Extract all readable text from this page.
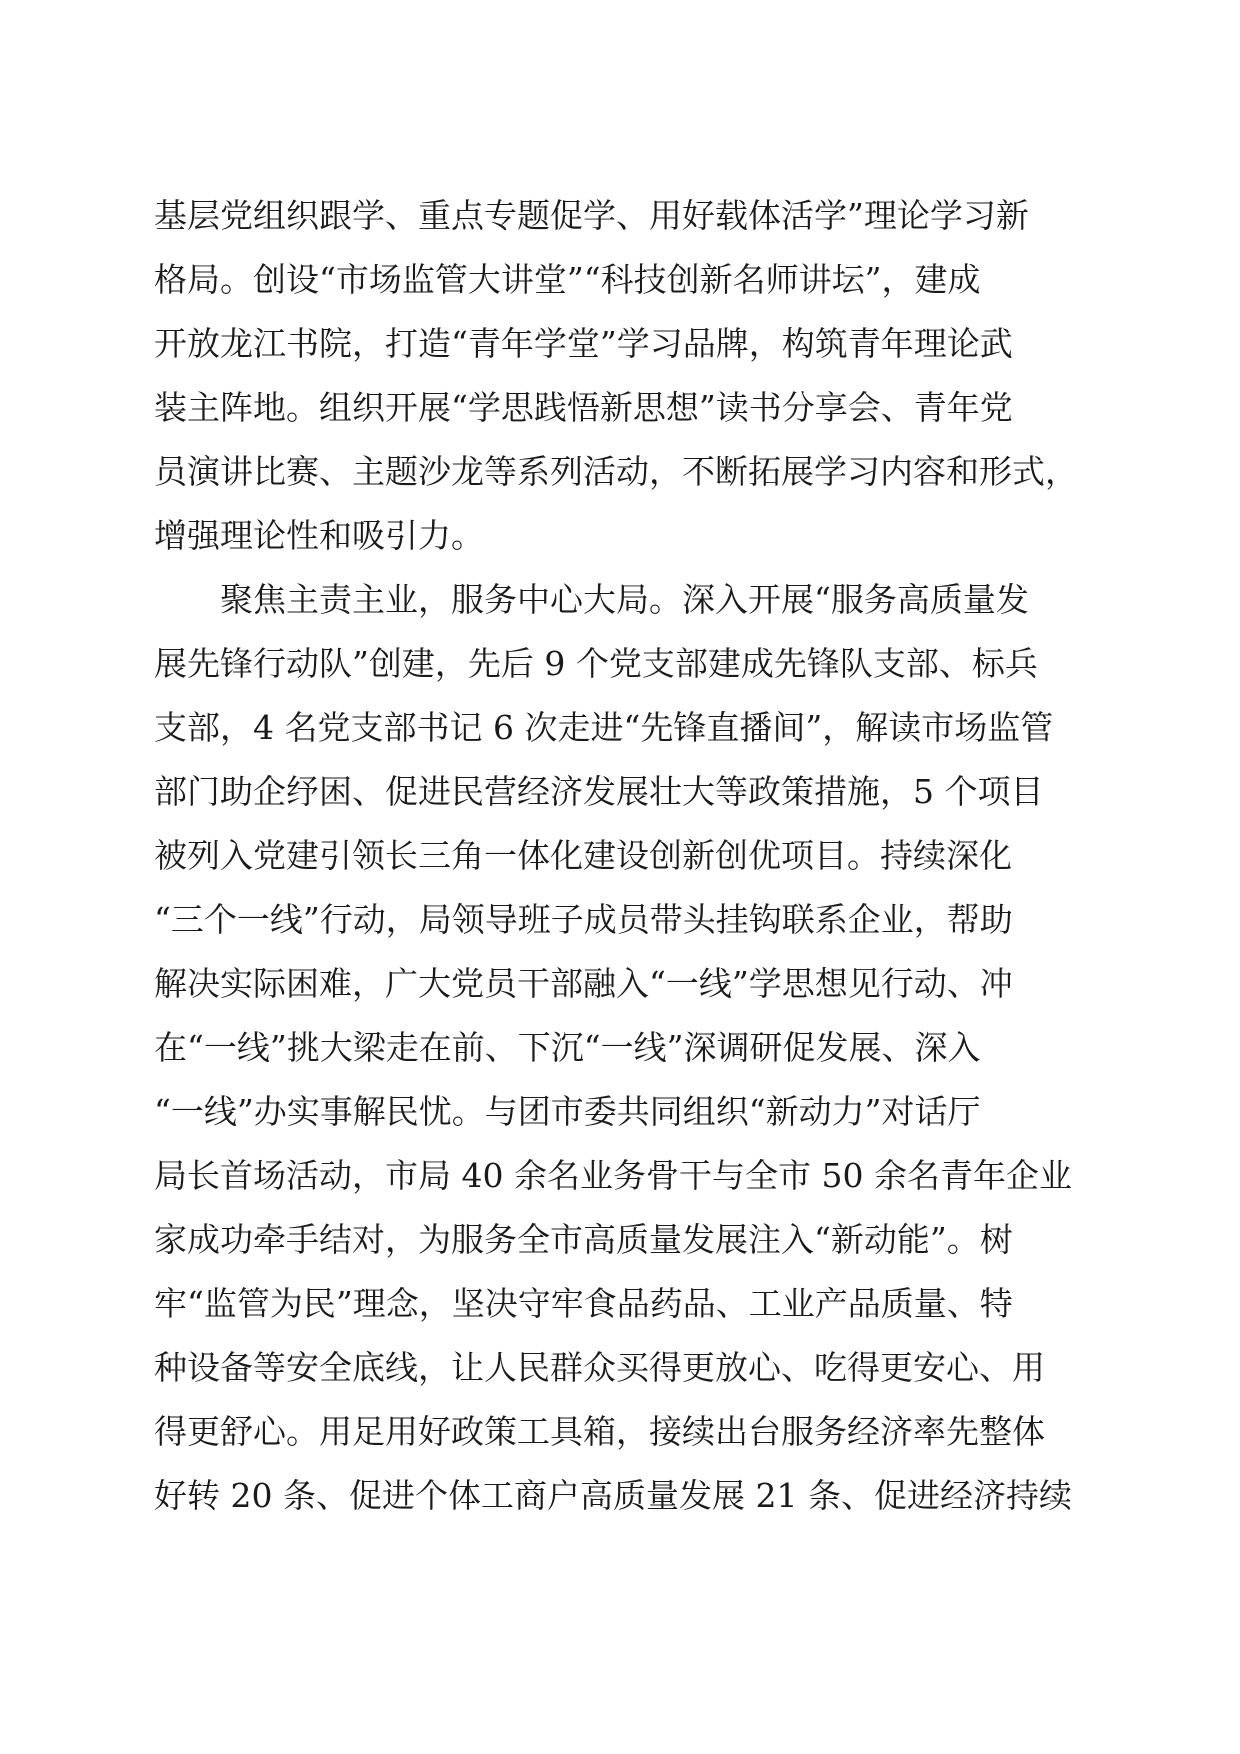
基层党组织跟学、重点专题促学、用好载体活学”理论学习新
格局。创设“市场监管大讲堂”“科技创新名师讲坛”，建成
开放龙江书院，打造“青年学堂”学习品牌，构筑青年理论武
装主阵地。组织开展“学思践悟新思想”读书分享会、青年党
员演讲比赛、主题沙龙等系列活动，不断拓展学习内容和形式，
增强理论性和吸引力。
　　聚焦主责主业，服务中心大局。深入开展“服务高质量发
展先锋行动队”创建，先后 9 个党支部建成先锋队支部、标兵
支部，4 名党支部书记 6 次走进“先锋直播间”，解读市场监管
部门助企纾困、促进民营经济发展壮大等政策措施，5 个项目
被列入党建引领长三角一体化建设创新创优项目。持续深化
“三个一线”行动，局领导班子成员带头挂钩联系企业，帮助
解决实际困难，广大党员干部融入“一线”学思想见行动、冲
在“一线”挑大梁走在前、下沉“一线”深调研促发展、深入
“一线”办实事解民忧。与团市委共同组织“新动力”对话厅
局长首场活动，市局 40 余名业务骨干与全市 50 余名青年企业
家成功牵手结对，为服务全市高质量发展注入“新动能”。树
牢“监管为民”理念，坚决守牢食品药品、工业产品质量、特
种设备等安全底线，让人民群众买得更放心、吃得更安心、用
得更舒心。用足用好政策工具箱，接续出台服务经济率先整体
好转 20 条、促进个体工商户高质量发展 21 条、促进经济持续
